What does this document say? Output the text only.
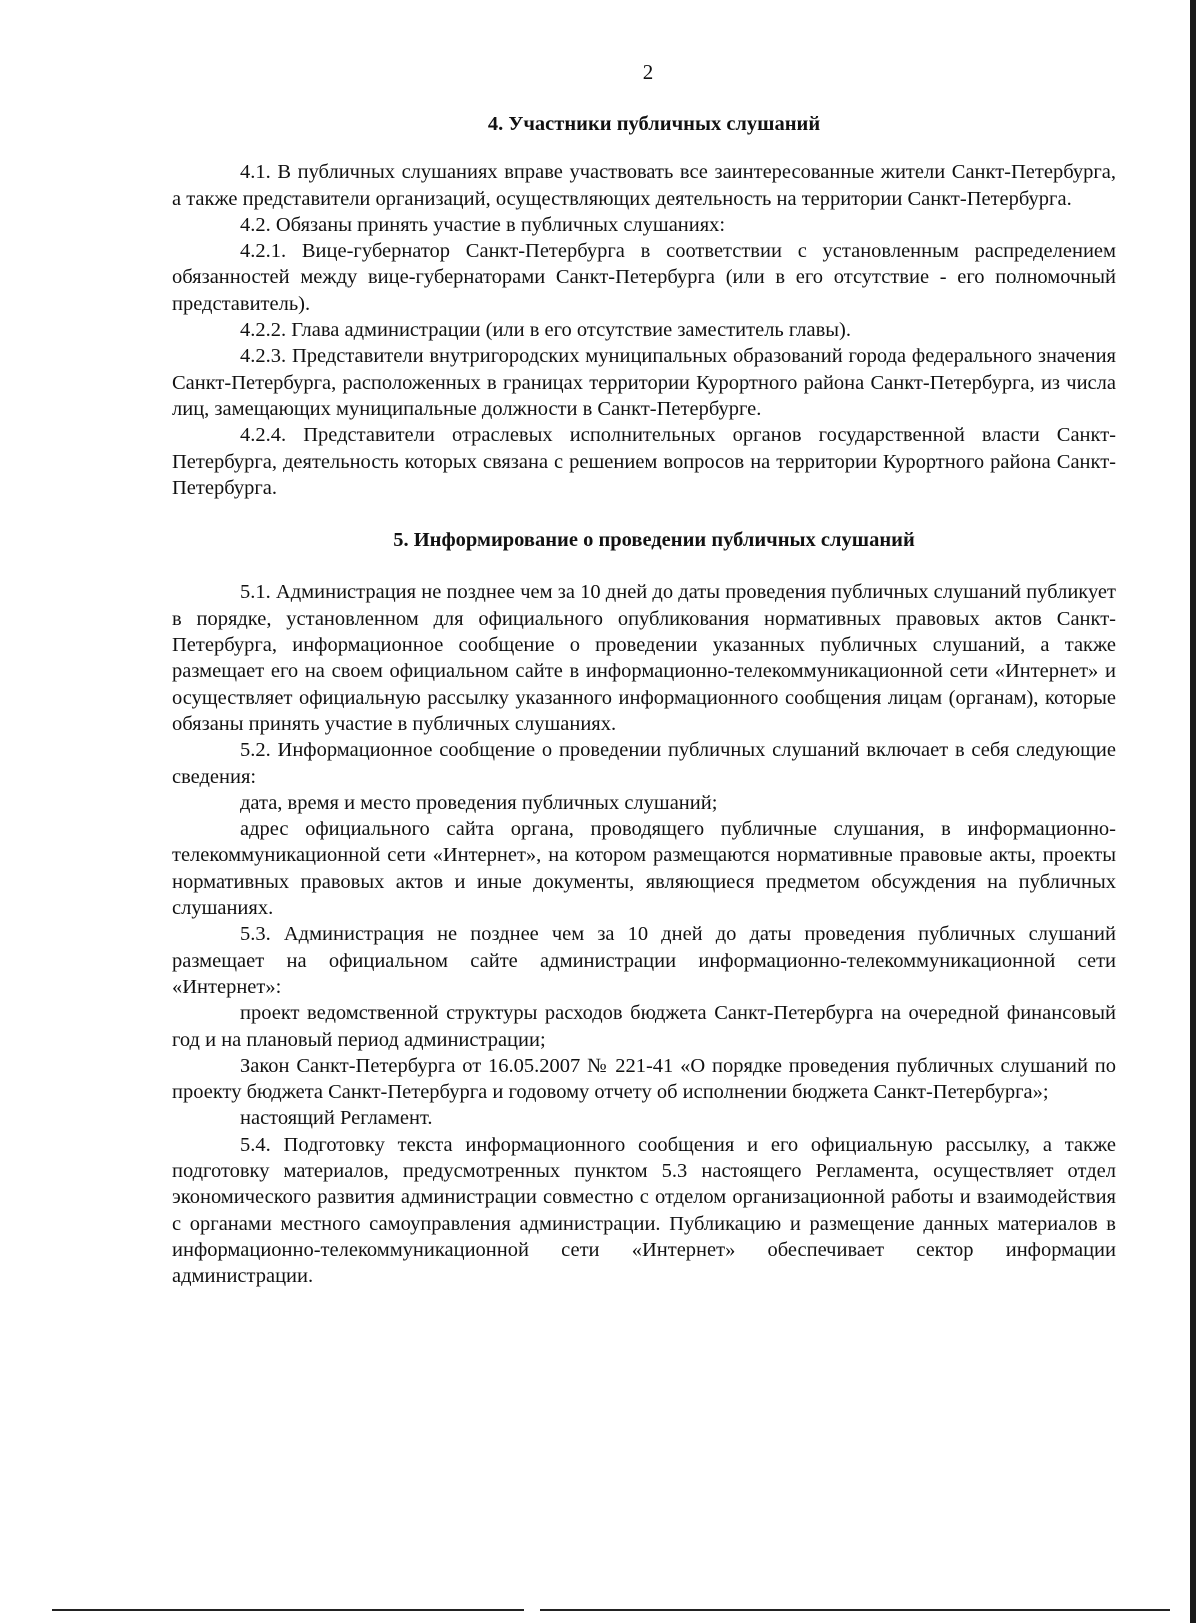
2

4. Участники публичных слушаний

4.1. В публичных слушаниях вправе участвовать все заинтересованные жители Санкт-Петербурга, а также представители организаций, осуществляющих деятельность на территории Санкт-Петербурга.

4.2. Обязаны принять участие в публичных слушаниях:

4.2.1. Вице-губернатор Санкт-Петербурга в соответствии с установленным распределением обязанностей между вице-губернаторами Санкт-Петербурга (или в его отсутствие - его полномочный представитель).

4.2.2. Глава администрации (или в его отсутствие заместитель главы).

4.2.3. Представители внутригородских муниципальных образований города федерального значения Санкт-Петербурга, расположенных в границах территории Курортного района Санкт-Петербурга, из числа лиц, замещающих муниципальные должности в Санкт-Петербурге.

4.2.4. Представители отраслевых исполнительных органов государственной власти Санкт-Петербурга, деятельность которых связана с решением вопросов на территории Курортного района Санкт-Петербурга.

5. Информирование о проведении публичных слушаний

5.1. Администрация не позднее чем за 10 дней до даты проведения публичных слушаний публикует в порядке, установленном для официального опубликования нормативных правовых актов Санкт-Петербурга, информационное сообщение о проведении указанных публичных слушаний, а также размещает его на своем официальном сайте в информационно-телекоммуникационной сети «Интернет» и осуществляет официальную рассылку указанного информационного сообщения лицам (органам), которые обязаны принять участие в публичных слушаниях.

5.2. Информационное сообщение о проведении публичных слушаний включает в себя следующие сведения:

дата, время и место проведения публичных слушаний;

адрес официального сайта органа, проводящего публичные слушания, в информационно-телекоммуникационной сети «Интернет», на котором размещаются нормативные правовые акты, проекты нормативных правовых актов и иные документы, являющиеся предметом обсуждения на публичных слушаниях.

5.3. Администрация не позднее чем за 10 дней до даты проведения публичных слушаний размещает на официальном сайте администрации информационно-телекоммуникационной сети «Интернет»:

проект ведомственной структуры расходов бюджета Санкт-Петербурга на очередной финансовый год и на плановый период администрации;

Закон Санкт-Петербурга от 16.05.2007 № 221-41 «О порядке проведения публичных слушаний по проекту бюджета Санкт-Петербурга и годовому отчету об исполнении бюджета Санкт-Петербурга»;

настоящий Регламент.

5.4. Подготовку текста информационного сообщения и его официальную рассылку, а также подготовку материалов, предусмотренных пунктом 5.3 настоящего Регламента, осуществляет отдел экономического развития администрации совместно с отделом организационной работы и взаимодействия с органами местного самоуправления администрации. Публикацию и размещение данных материалов в информационно-телекоммуникационной сети «Интернет» обеспечивает сектор информации администрации.
